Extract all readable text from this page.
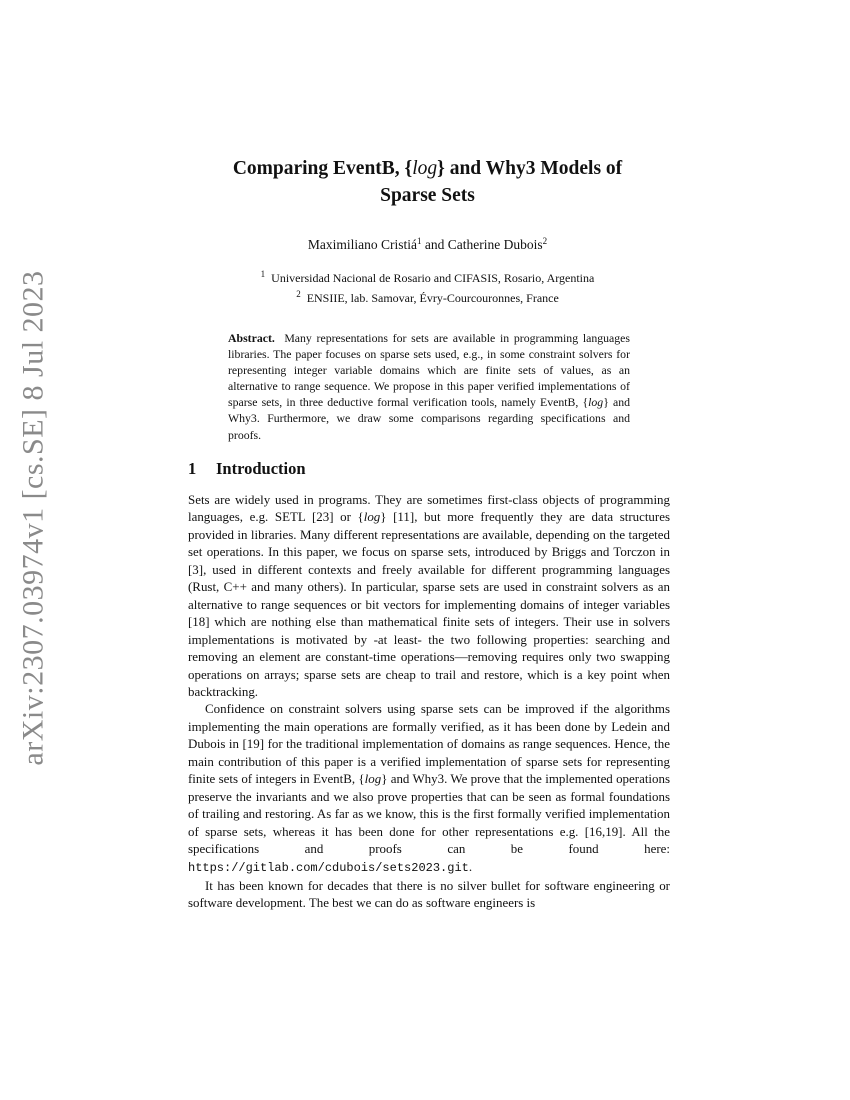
arXiv:2307.03974v1 [cs.SE] 8 Jul 2023
Comparing EventB, {log} and Why3 Models of
Sparse Sets
Maximiliano Cristiá$^1$ and Catherine Dubois$^2$
$^1$ Universidad Nacional de Rosario and CIFASIS, Rosario, Argentina
$^2$ ENSIIE, lab. Samovar, Évry-Courcouronnes, France
Abstract. Many representations for sets are available in programming languages libraries. The paper focuses on sparse sets used, e.g., in some constraint solvers for representing integer variable domains which are finite sets of values, as an alternative to range sequence. We propose in this paper verified implementations of sparse sets, in three deductive formal verification tools, namely EventB, {log} and Why3. Furthermore, we draw some comparisons regarding specifications and proofs.
1 Introduction

Sets are widely used in programs. They are sometimes first-class objects of programming languages, e.g. SETL [23] or {log} [11], but more frequently they are data structures provided in libraries. Many different representations are available, depending on the targeted set operations. In this paper, we focus on sparse sets, introduced by Briggs and Torczon in [3], used in different contexts and freely available for different programming languages (Rust, C++ and many others). In particular, sparse sets are used in constraint solvers as an alternative to range sequences or bit vectors for implementing domains of integer variables [18] which are nothing else than mathematical finite sets of integers. Their use in solvers implementations is motivated by -at least- the two following properties: searching and removing an element are constant-time operations—removing requires only two swapping operations on arrays; sparse sets are cheap to trail and restore, which is a key point when backtracking.

Confidence on constraint solvers using sparse sets can be improved if the algorithms implementing the main operations are formally verified, as it has been done by Ledein and Dubois in [19] for the traditional implementation of domains as range sequences. Hence, the main contribution of this paper is a verified implementation of sparse sets for representing finite sets of integers in EventB, {log} and Why3. We prove that the implemented operations preserve the invariants and we also prove properties that can be seen as formal foundations of trailing and restoring. As far as we know, this is the first formally verified implementation of sparse sets, whereas it has been done for other representations e.g. [16,19]. All the specifications and proofs can be found here: https://gitlab.com/cdubois/sets2023.git.

It has been known for decades that there is no silver bullet for software engineering or software development. The best we can do as software engineers is
